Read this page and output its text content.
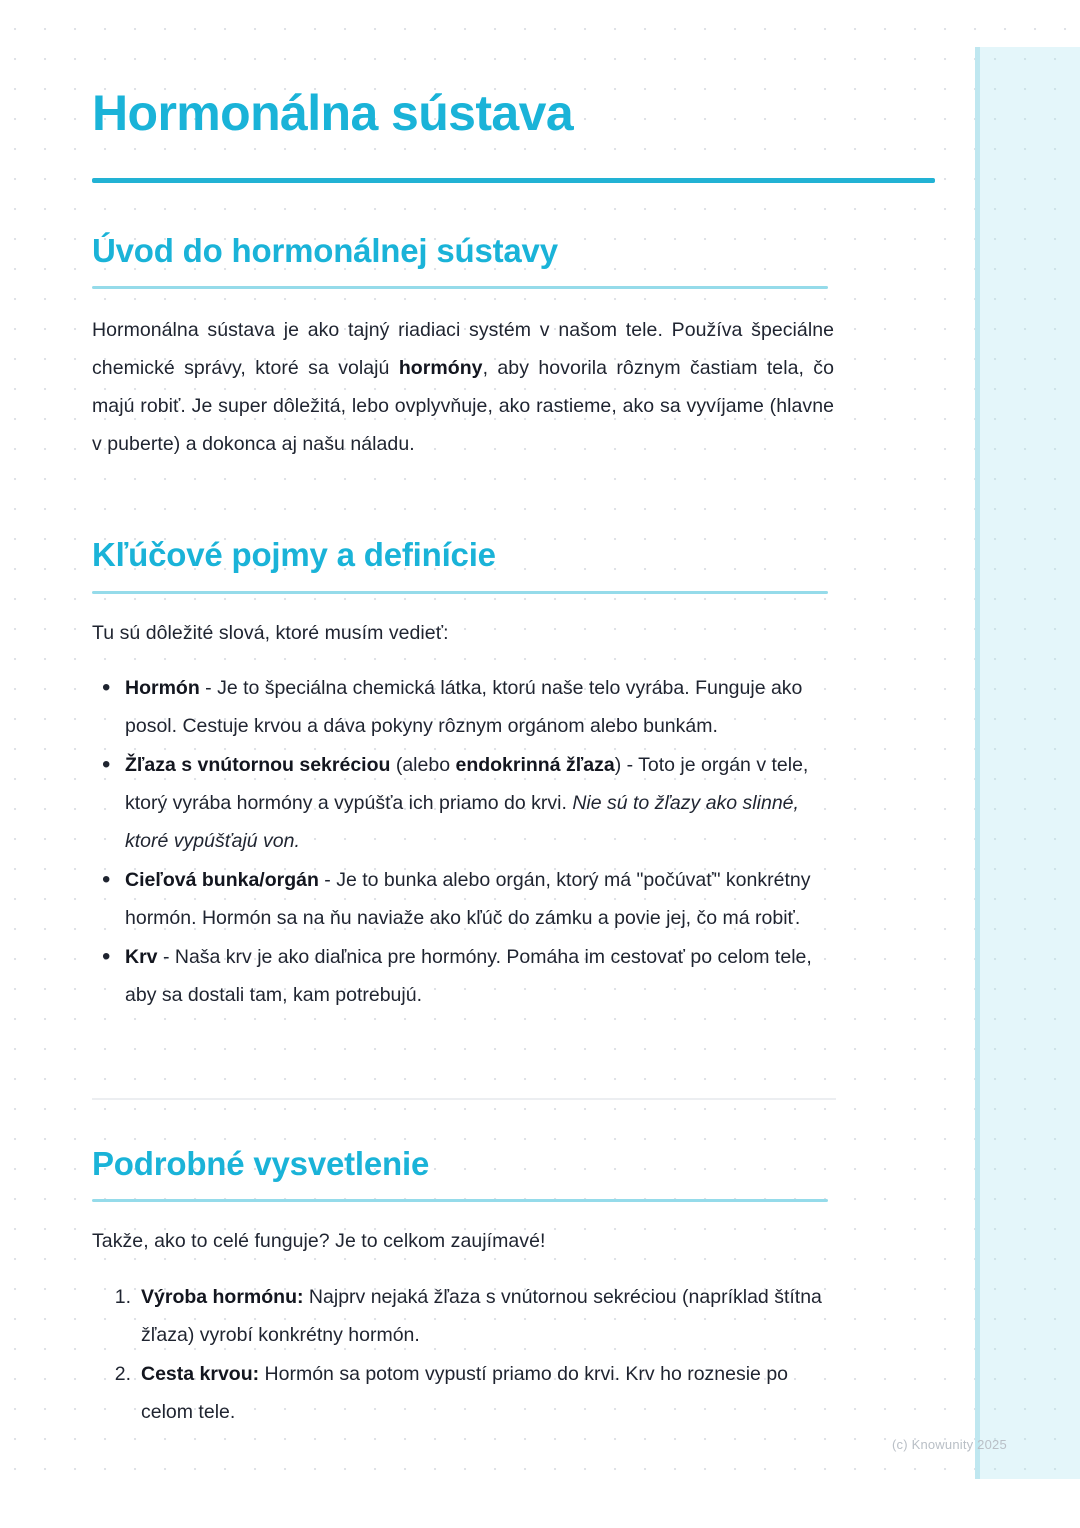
Hormonálna sústava
Úvod do hormonálnej sústavy
Hormonálna sústava je ako tajný riadiaci systém v našom tele. Používa špeciálne chemické správy, ktoré sa volajú hormóny, aby hovorila rôznym častiam tela, čo majú robiť. Je super dôležitá, lebo ovplyvňuje, ako rastieme, ako sa vyvíjame (hlavne v puberte) a dokonca aj našu náladu.
Kľúčové pojmy a definície
Tu sú dôležité slová, ktoré musím vedieť:
• Hormón - Je to špeciálna chemická látka, ktorú naše telo vyrába. Funguje ako posol. Cestuje krvou a dáva pokyny rôznym orgánom alebo bunkám.
• Žľaza s vnútornou sekréciou (alebo endokrinná žľaza) - Toto je orgán v tele, ktorý vyrába hormóny a vypúšťa ich priamo do krvi. Nie sú to žľazy ako slinné, ktoré vypúšťajú von.
• Cieľová bunka/orgán - Je to bunka alebo orgán, ktorý má "počúvať" konkrétny hormón. Hormón sa na ňu naviaže ako kľúč do zámku a povie jej, čo má robiť.
• Krv - Naša krv je ako diaľnica pre hormóny. Pomáha im cestovať po celom tele, aby sa dostali tam, kam potrebujú.
Podrobné vysvetlenie
Takže, ako to celé funguje? Je to celkom zaujímavé!
1. Výroba hormónu: Najprv nejaká žľaza s vnútornou sekréciou (napríklad štítna žľaza) vyrobí konkrétny hormón.
2. Cesta krvou: Hormón sa potom vypustí priamo do krvi. Krv ho roznesie po celom tele.
(c) Knowunity 2025
